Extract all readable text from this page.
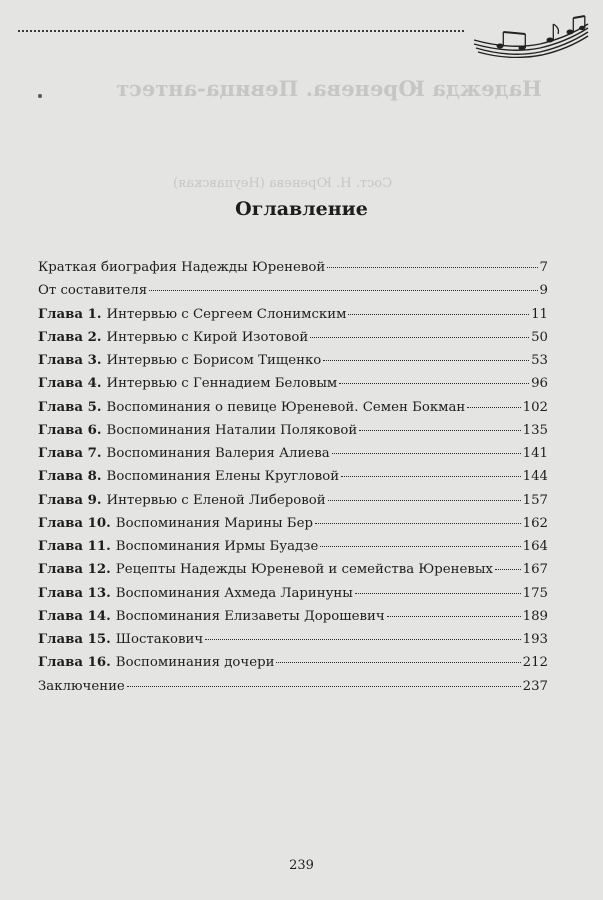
Надежда Юренева. Певица-антест
Сост. Н. Юренева (Неупавская)
Оглавление
Краткая биография Надежды Юреневой	7
От составителя	9
Глава 1. Интервью с Сергеем Слонимским	11
Глава 2. Интервью с Кирой Изотовой	50
Глава 3. Интервью с Борисом Тищенко	53
Глава 4. Интервью с Геннадием Беловым	96
Глава 5. Воспоминания о певице Юреневой. Семен Бокман	102
Глава 6. Воспоминания Наталии Поляковой	135
Глава 7. Воспоминания Валерия Алиева	141
Глава 8. Воспоминания Елены Кругловой	144
Глава 9. Интервью с Еленой Либеровой	157
Глава 10. Воспоминания Марины Бер	162
Глава 11. Воспоминания Ирмы Буадзе	164
Глава 12. Рецепты Надежды Юреневой и семейства Юреневых 167
Глава 13. Воспоминания Ахмеда Ларинуны	175
Глава 14. Воспоминания Елизаветы Дорошевич	189
Глава 15. Шостакович	193
Глава 16. Воспоминания дочери	212
Заключение	237
239
